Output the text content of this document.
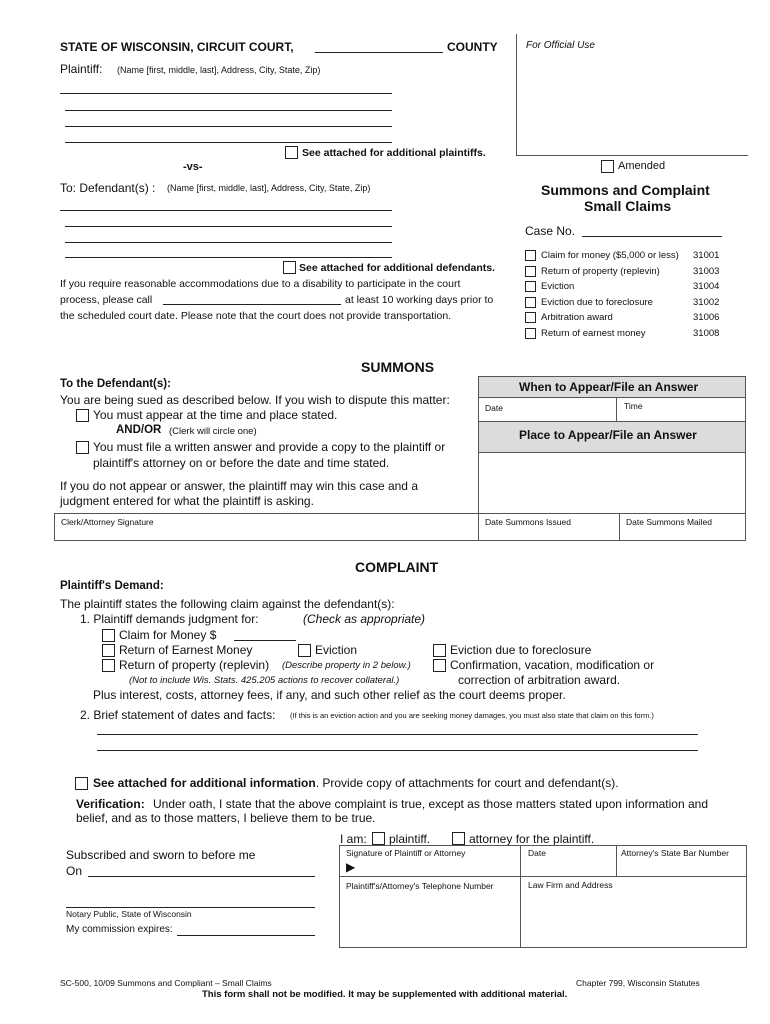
STATE OF WISCONSIN, CIRCUIT COURT,	COUNTY	For Official Use
Plaintiff: (Name [first, middle, last], Address, City, State, Zip)
See attached for additional plaintiffs.
-vs-
To: Defendant(s) : (Name [first, middle, last], Address, City, State, Zip)
See attached for additional defendants.
If you require reasonable accommodations due to a disability to participate in the court
process, please call	at least 10 working days prior to
the scheduled court date. Please note that the court does not provide transportation.
Amended
Summons and Complaint
Small Claims
Case No.
Claim for money ($5,000 or less) 31001
Return of property (replevin)	31003
Eviction	31004
Eviction due to foreclosure	31002
Arbitration award	31006
Return of earnest money	31008
SUMMONS
To the Defendant(s):
You are being sued as described below. If you wish to dispute this matter:
You must appear at the time and place stated.
AND/OR (Clerk will circle one)
You must file a written answer and provide a copy to the plaintiff or
plaintiff's attorney on or before the date and time stated.
If you do not appear or answer, the plaintiff may win this case and a
judgment entered for what the plaintiff is asking.
When to Appear/File an Answer
Date	Time
Place to Appear/File an Answer
Clerk/Attorney Signature	Date Summons Issued	Date Summons Mailed
COMPLAINT
Plaintiff's Demand:
The plaintiff states the following claim against the defendant(s):
1. Plaintiff demands judgment for:	(Check as appropriate)
Claim for Money $
Return of Earnest Money	Eviction	Eviction due to foreclosure
Return of property (replevin) (Describe property in 2 below.)	Confirmation, vacation, modification or
(Not to include Wis. Stats. 425.205 actions to recover collateral.)	correction of arbitration award.
Plus interest, costs, attorney fees, if any, and such other relief as the court deems proper.
2. Brief statement of dates and facts: (If this is an eviction action and you are seeking money damages, you must also state that claim on this form.)
See attached for additional information. Provide copy of attachments for court and defendant(s).
Verification: Under oath, I state that the above complaint is true, except as those matters stated upon information and
belief, and as to those matters, I believe them to be true.
I am: plaintiff.	attorney for the plaintiff.
Subscribed and sworn to before me
On
Notary Public, State of Wisconsin
My commission expires:
Signature of Plaintiff or Attorney
▶
Date	Attorney's State Bar Number
Plaintiff's/Attorney's Telephone Number	Law Firm and Address
SC-500, 10/09 Summons and Compliant – Small Claims	Chapter 799, Wisconsin Statutes
This form shall not be modified. It may be supplemented with additional material.
